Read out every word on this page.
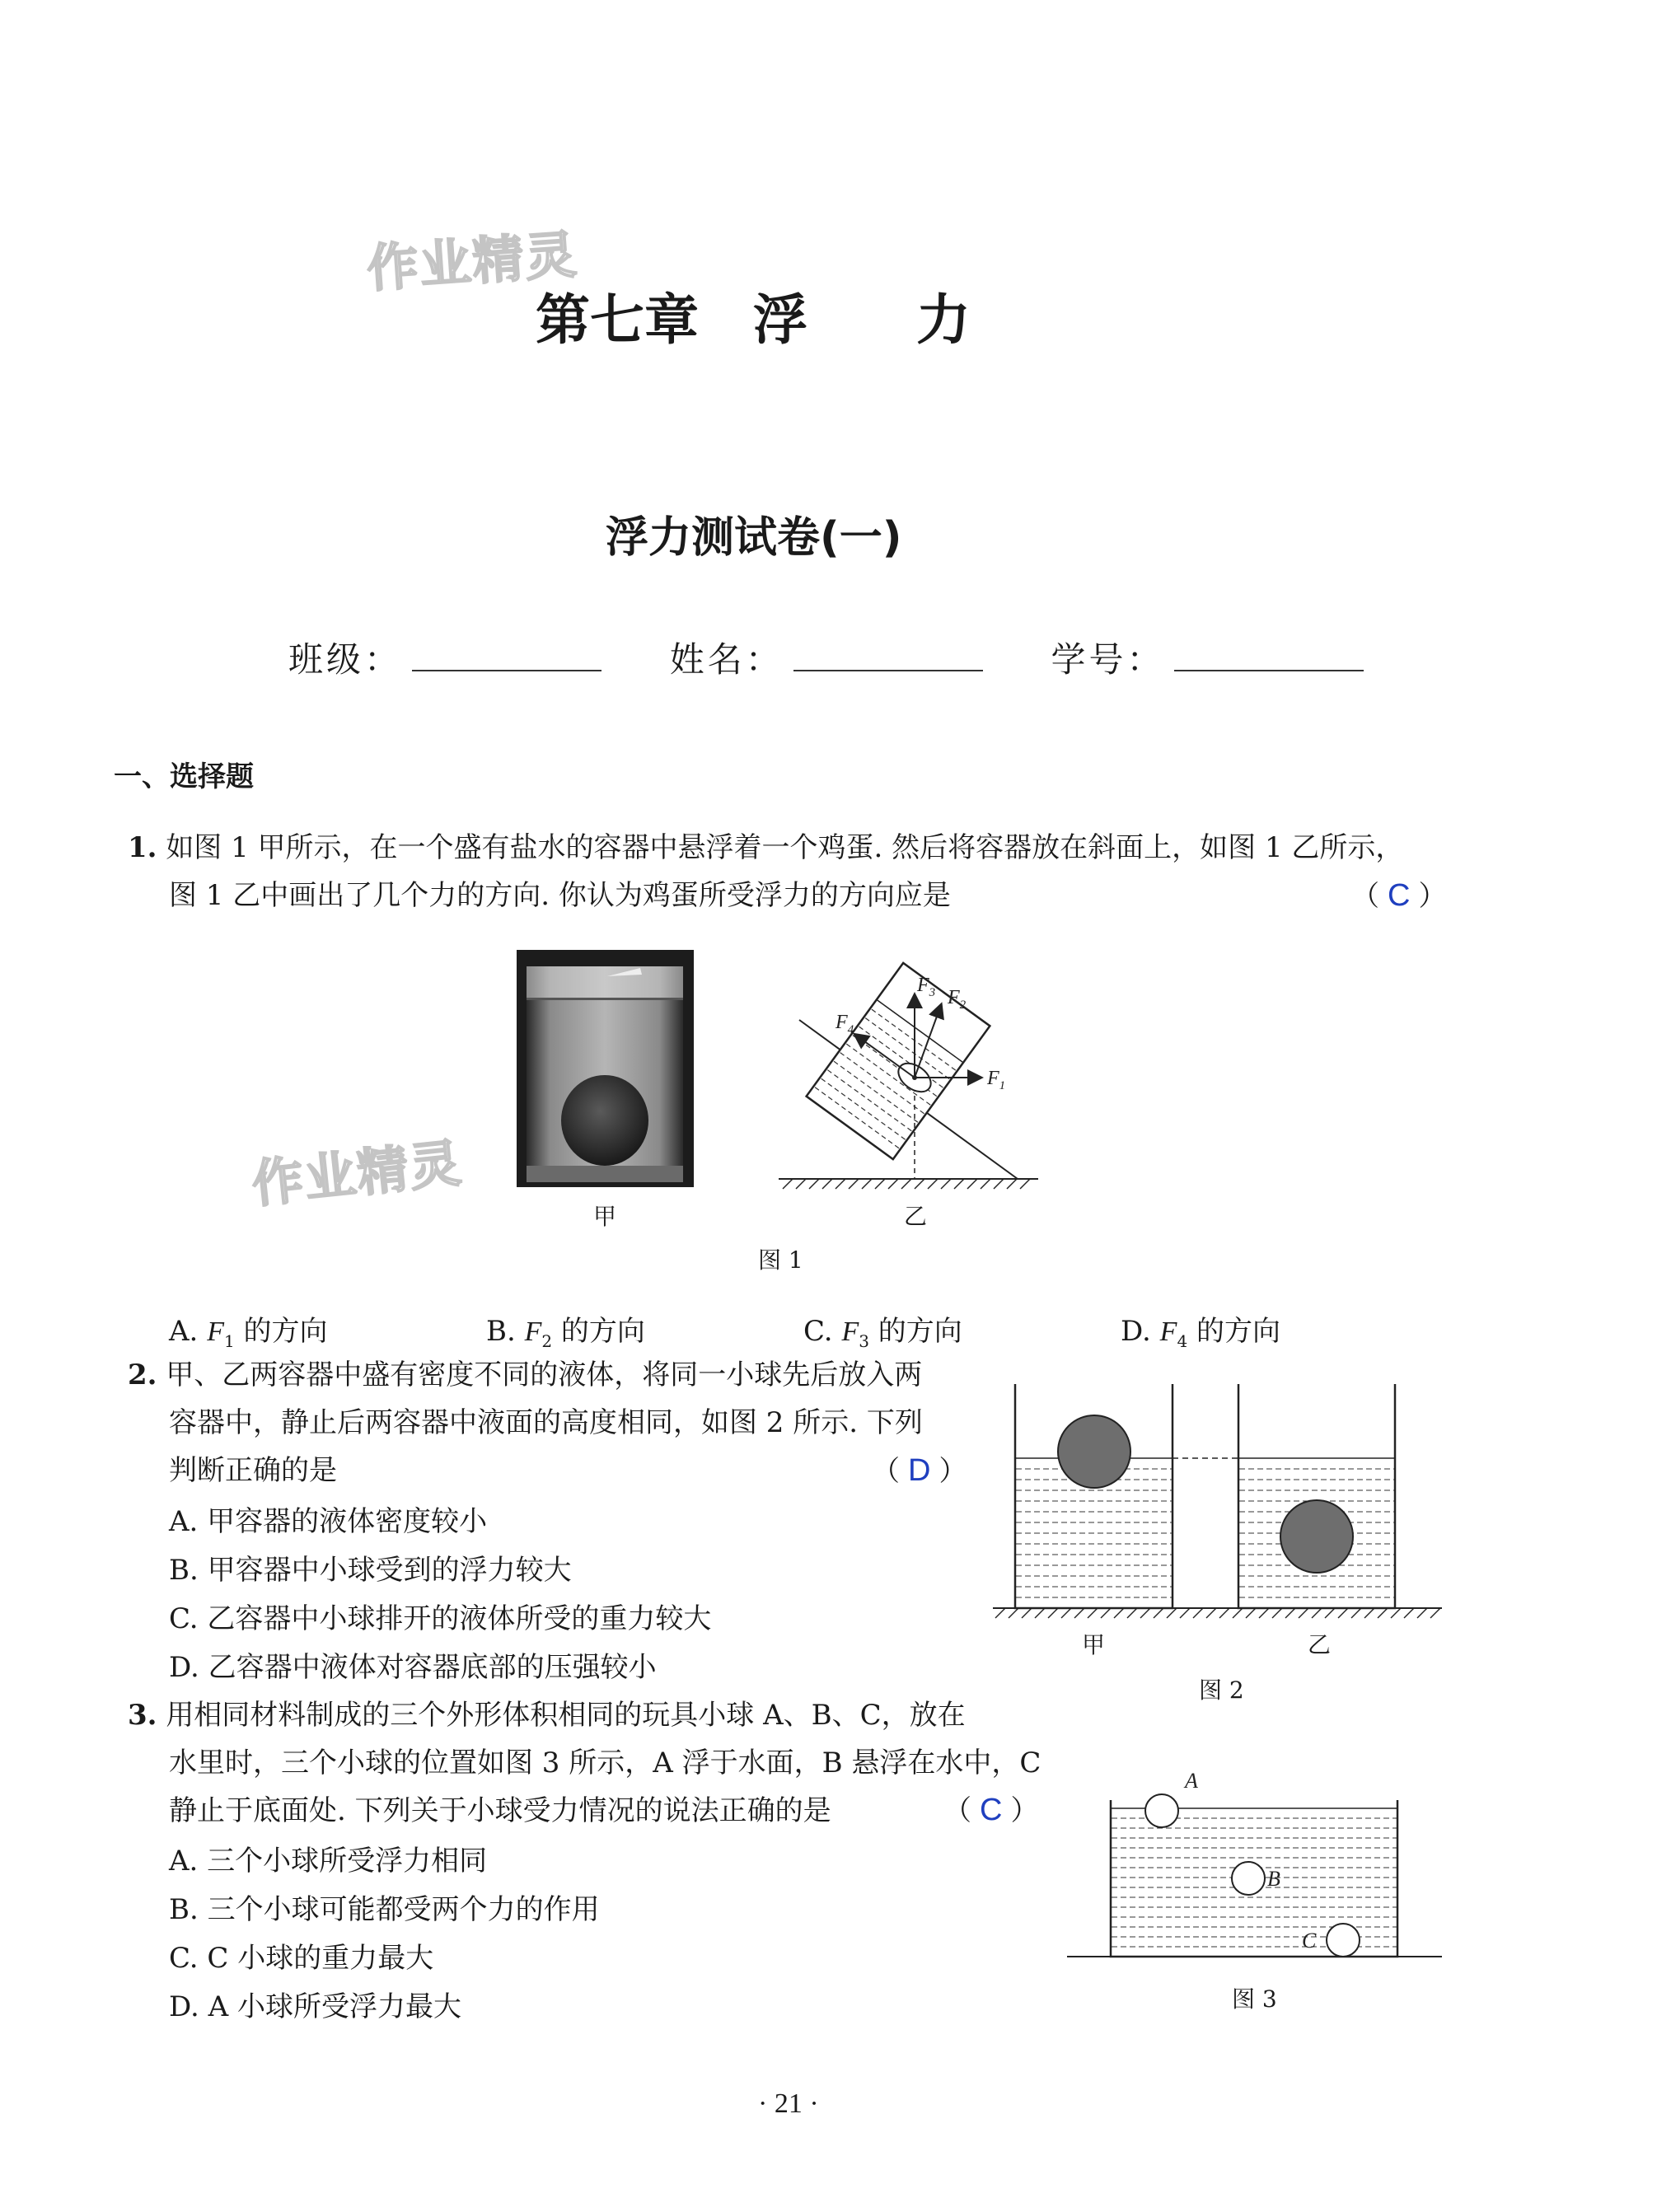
作业精灵
作业精灵
第七章　浮　　力
浮力测试卷(一)
班级：	姓名：	学号：
一、选择题
1. 如图 1 甲所示，在一个盛有盐水的容器中悬浮着一个鸡蛋. 然后将容器放在斜面上，如图 1 乙所示，
图 1 乙中画出了几个力的方向. 你认为鸡蛋所受浮力的方向应是	（ C ）
$F_1$
$F_2$
$F_3$
$F_4$
甲	乙
图 1
A. $F_1$ 的方向	B. $F_2$ 的方向	C. $F_3$ 的方向	D. $F_4$ 的方向
2. 甲、乙两容器中盛有密度不同的液体，将同一小球先后放入两
容器中，静止后两容器中液面的高度相同，如图 2 所示. 下列
判断正确的是	（ D ）
A. 甲容器的液体密度较小
B. 甲容器中小球受到的浮力较大
C. 乙容器中小球排开的液体所受的重力较大
D. 乙容器中液体对容器底部的压强较小
甲	乙
图 2
3. 用相同材料制成的三个外形体积相同的玩具小球 A、B、C，放在
水里时，三个小球的位置如图 3 所示，A 浮于水面，B 悬浮在水中，C
静止于底面处. 下列关于小球受力情况的说法正确的是	（ C ）
A. 三个小球所受浮力相同
B. 三个小球可能都受两个力的作用
C. C 小球的重力最大
D. A 小球所受浮力最大
A
B
C
图 3
· 21 ·
